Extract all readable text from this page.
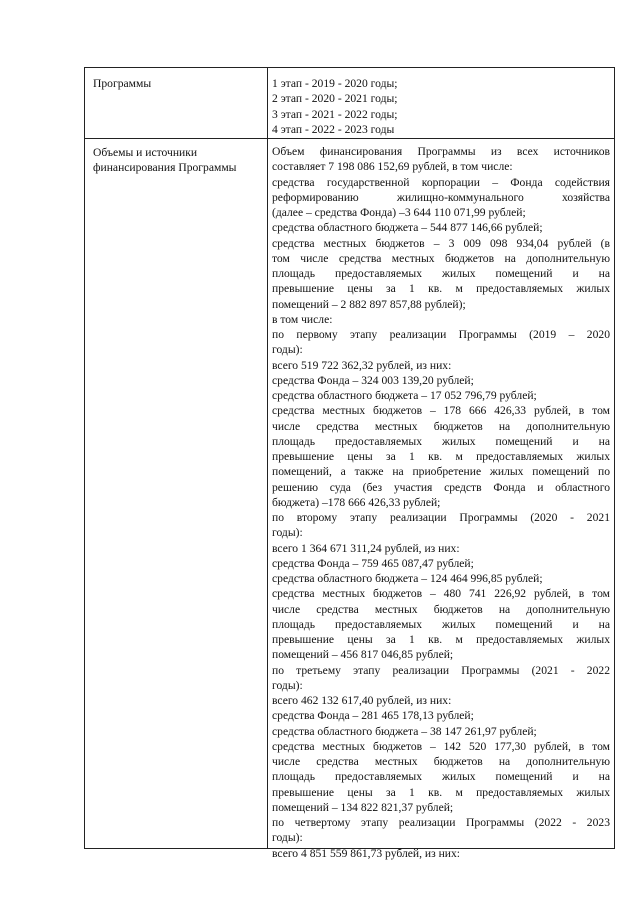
Программы	1 этап - 2019 - 2020 годы;
2 этап - 2020 - 2021 годы;
3 этап - 2021 - 2022 годы;
4 этап - 2022 - 2023 годы
Объемы и источники
финансирования Программы
Объем финансирования Программы из всех источников
составляет 7 198 086 152,69 рублей, в том числе:
средства государственной корпорации – Фонда содействия
реформированию жилищно-коммунального хозяйства
(далее – средства Фонда) –3 644 110 071,99 рублей;
средства областного бюджета – 544 877 146,66 рублей;
средства местных бюджетов – 3 009 098 934,04 рублей (в
том числе средства местных бюджетов на дополнительную
площадь предоставляемых жилых помещений и на
превышение цены за 1 кв. м предоставляемых жилых
помещений – 2 882 897 857,88 рублей);
в том числе:
по первому этапу реализации Программы (2019 – 2020
годы):
всего 519 722 362,32 рублей, из них:
средства Фонда – 324 003 139,20 рублей;
средства областного бюджета – 17 052 796,79 рублей;
средства местных бюджетов – 178 666 426,33 рублей, в том
числе средства местных бюджетов на дополнительную
площадь предоставляемых жилых помещений и на
превышение цены за 1 кв. м предоставляемых жилых
помещений, а также на приобретение жилых помещений по
решению суда (без участия средств Фонда и областного
бюджета) –178 666 426,33 рублей;
по второму этапу реализации Программы (2020 - 2021
годы):
всего 1 364 671 311,24 рублей, из них:
средства Фонда – 759 465 087,47 рублей;
средства областного бюджета – 124 464 996,85 рублей;
средства местных бюджетов – 480 741 226,92 рублей, в том
числе средства местных бюджетов на дополнительную
площадь предоставляемых жилых помещений и на
превышение цены за 1 кв. м предоставляемых жилых
помещений – 456 817 046,85 рублей;
по третьему этапу реализации Программы (2021 - 2022
годы):
всего 462 132 617,40 рублей, из них:
средства Фонда – 281 465 178,13 рублей;
средства областного бюджета – 38 147 261,97 рублей;
средства местных бюджетов – 142 520 177,30 рублей, в том
числе средства местных бюджетов на дополнительную
площадь предоставляемых жилых помещений и на
превышение цены за 1 кв. м предоставляемых жилых
помещений – 134 822 821,37 рублей;
по четвертому этапу реализации Программы (2022 - 2023
годы):
всего 4 851 559 861,73 рублей, из них:
